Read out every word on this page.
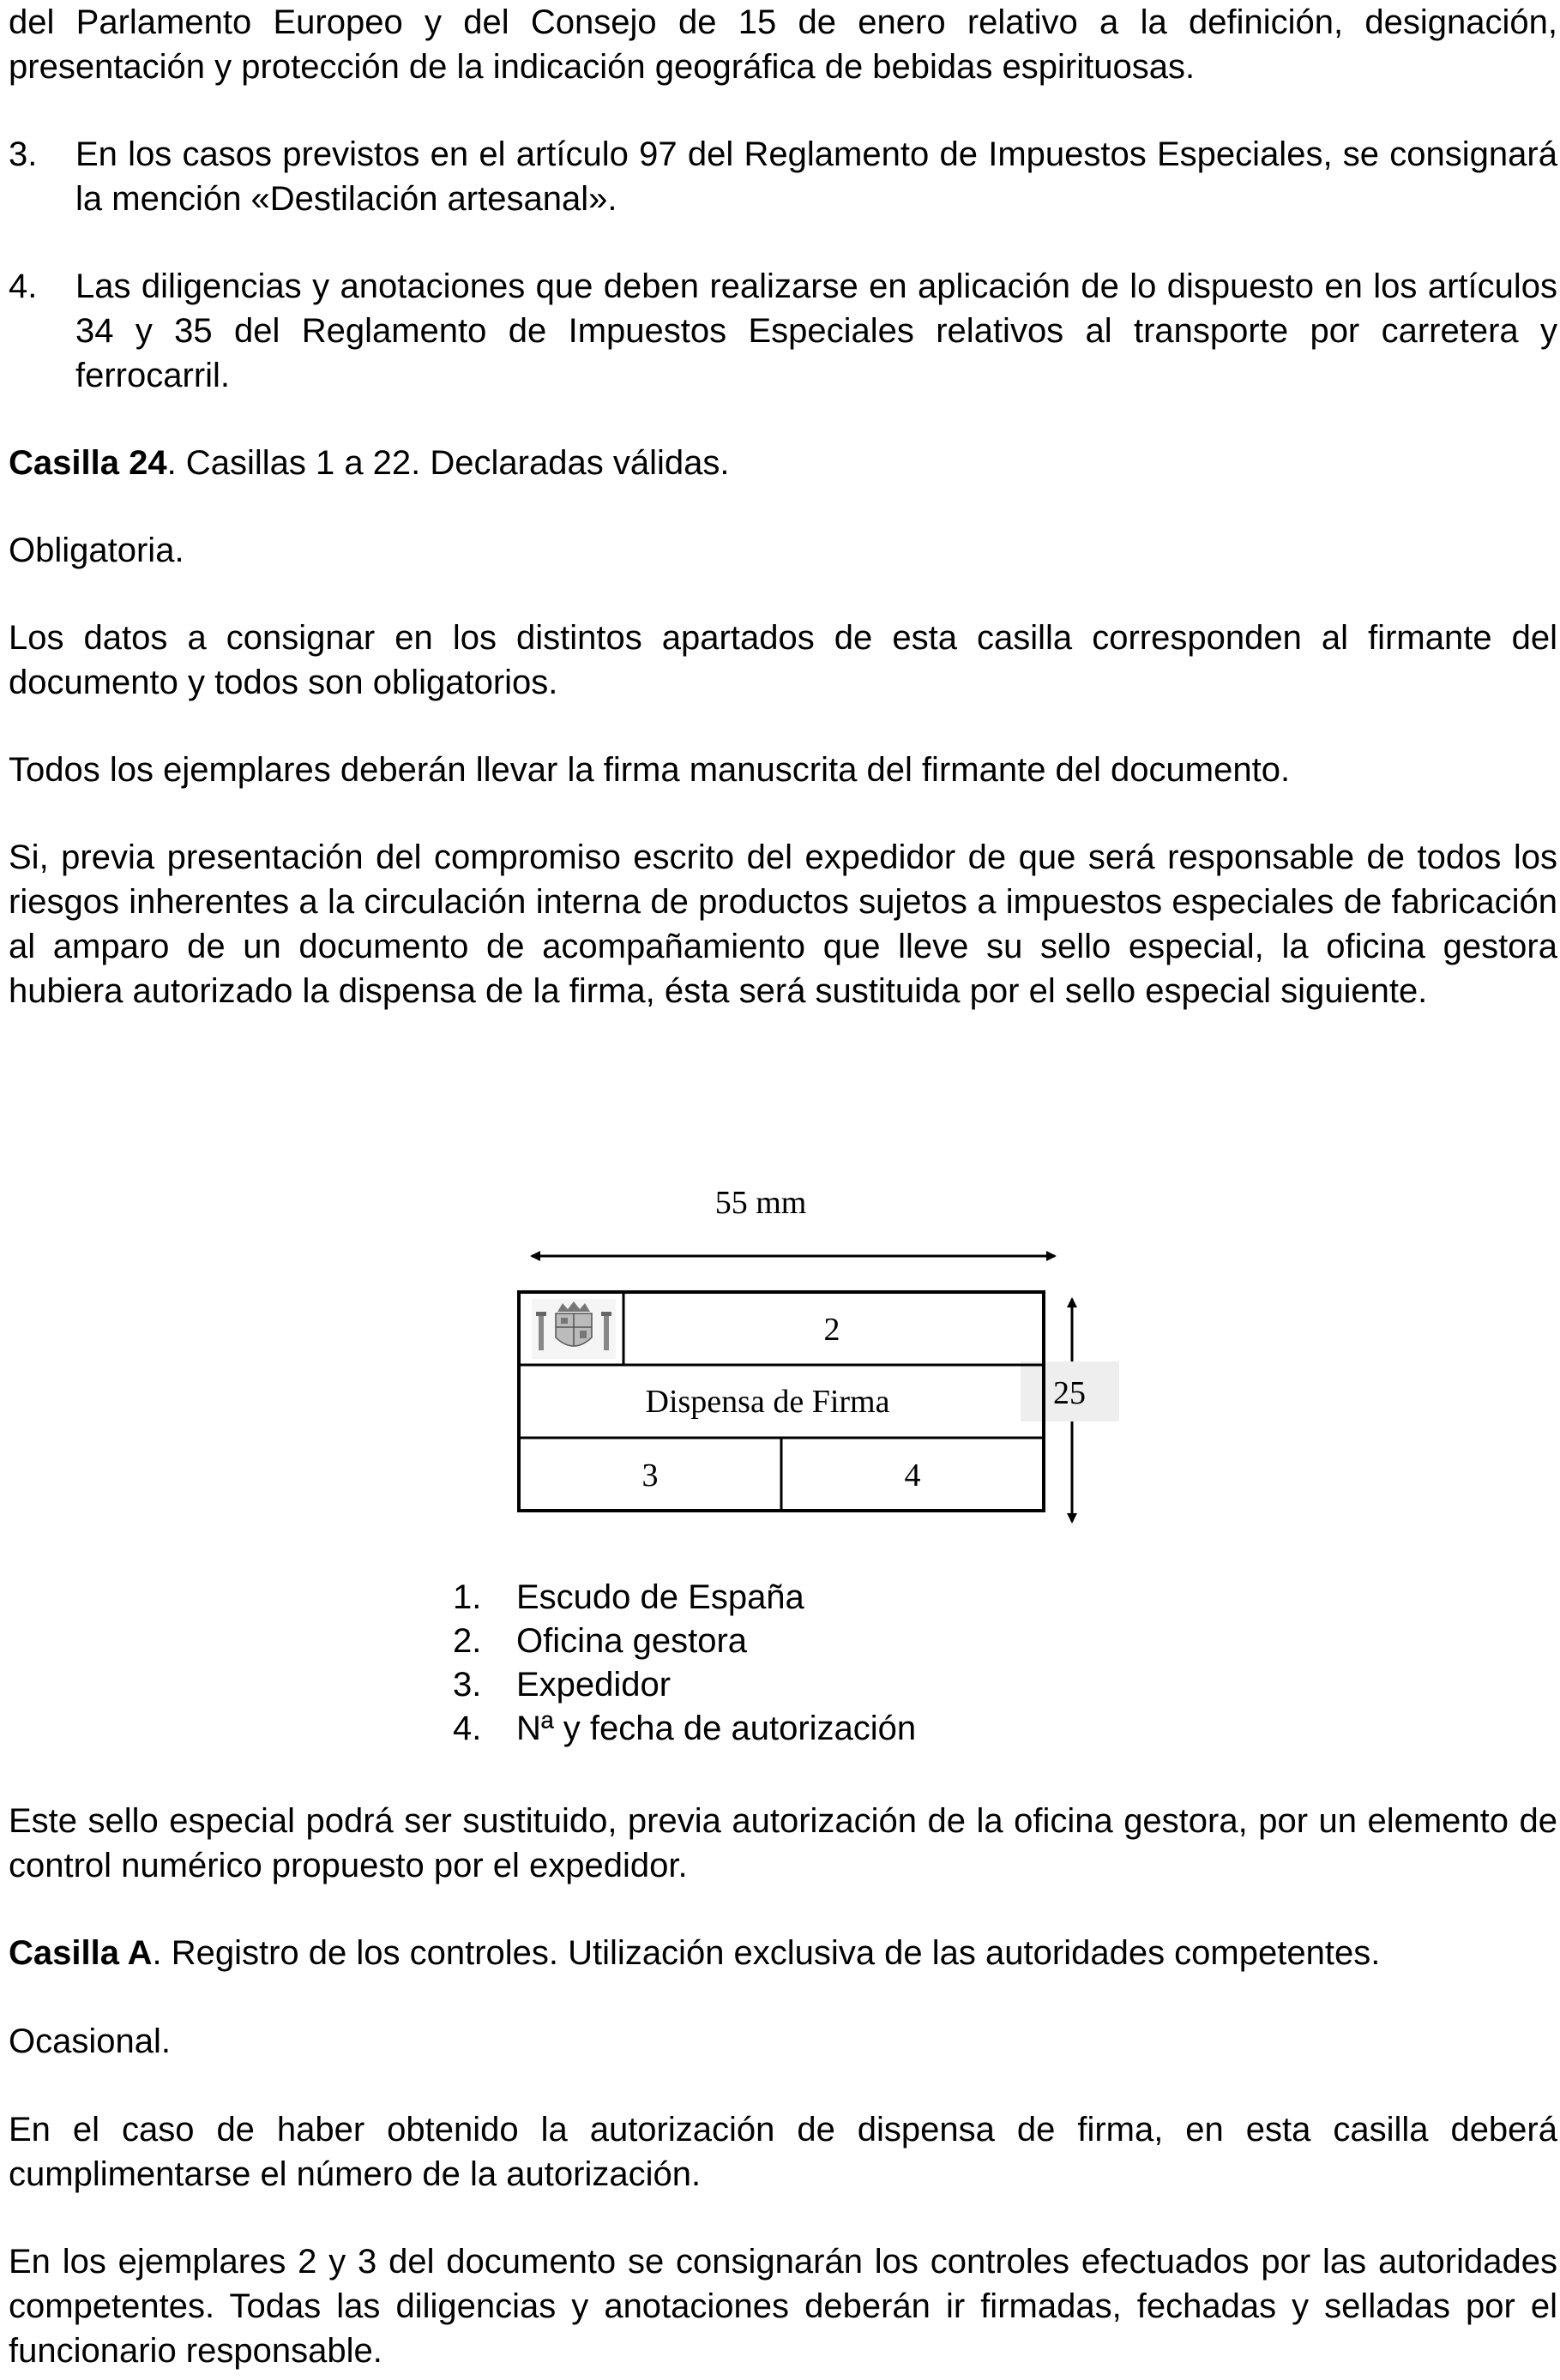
del Parlamento Europeo y del Consejo de 15 de enero relativo a la definición, designación, presentación y protección de la indicación geográfica de bebidas espirituosas.

3.	En los casos previstos en el artículo 97 del Reglamento de Impuestos Especiales, se consignará la mención «Destilación artesanal».
4.	Las diligencias y anotaciones que deben realizarse en aplicación de lo dispuesto en los artículos 34 y 35 del Reglamento de Impuestos Especiales relativos al transporte por carretera y ferrocarril.

Casilla 24. Casillas 1 a 22. Declaradas válidas.

Obligatoria.

Los datos a consignar en los distintos apartados de esta casilla corresponden al firmante del documento y todos son obligatorios.

Todos los ejemplares deberán llevar la firma manuscrita del firmante del documento.

Si, previa presentación del compromiso escrito del expedidor de que será responsable de todos los riesgos inherentes a la circulación interna de productos sujetos a impuestos especiales de fabricación al amparo de un documento de acompañamiento que lleve su sello especial, la oficina gestora hubiera autorizado la dispensa de la firma, ésta será sustituida por el sello especial siguiente.

Este sello especial podrá ser sustituido, previa autorización de la oficina gestora, por un elemento de control numérico propuesto por el expedidor.

Casilla A. Registro de los controles. Utilización exclusiva de las autoridades competentes.

Ocasional.

En el caso de haber obtenido la autorización de dispensa de firma, en esta casilla deberá cumplimentarse el número de la autorización.

En los ejemplares 2 y 3 del documento se consignarán los controles efectuados por las autoridades competentes. Todas las diligencias y anotaciones deberán ir firmadas, fechadas y selladas por el funcionario responsable.

55 mm
25
2
Dispensa de Firma
3	4
1.	Escudo de España
2.	Oficina gestora
3.	Expedidor
4.	Nª y fecha de autorización
